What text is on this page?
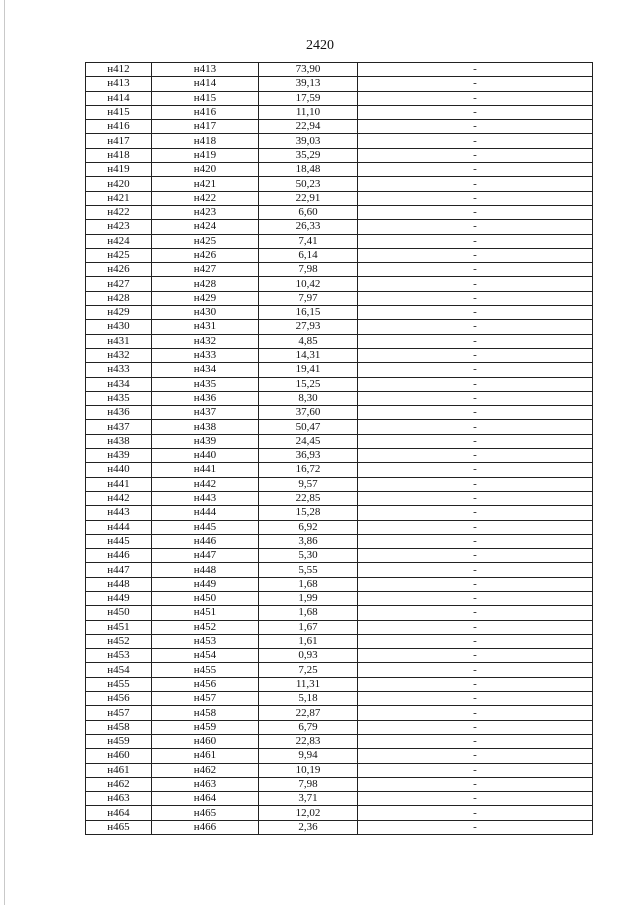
2420
н412	н413	73,90	-
н413	н414	39,13	-
н414	н415	17,59	-
н415	н416	11,10	-
н416	н417	22,94	-
н417	н418	39,03	-
н418	н419	35,29	-
н419	н420	18,48	-
н420	н421	50,23	-
н421	н422	22,91	-
н422	н423	6,60	-
н423	н424	26,33	-
н424	н425	7,41	-
н425	н426	6,14	-
н426	н427	7,98	-
н427	н428	10,42	-
н428	н429	7,97	-
н429	н430	16,15	-
н430	н431	27,93	-
н431	н432	4,85	-
н432	н433	14,31	-
н433	н434	19,41	-
н434	н435	15,25	-
н435	н436	8,30	-
н436	н437	37,60	-
н437	н438	50,47	-
н438	н439	24,45	-
н439	н440	36,93	-
н440	н441	16,72	-
н441	н442	9,57	-
н442	н443	22,85	-
н443	н444	15,28	-
н444	н445	6,92	-
н445	н446	3,86	-
н446	н447	5,30	-
н447	н448	5,55	-
н448	н449	1,68	-
н449	н450	1,99	-
н450	н451	1,68	-
н451	н452	1,67	-
н452	н453	1,61	-
н453	н454	0,93	-
н454	н455	7,25	-
н455	н456	11,31	-
н456	н457	5,18	-
н457	н458	22,87	-
н458	н459	6,79	-
н459	н460	22,83	-
н460	н461	9,94	-
н461	н462	10,19	-
н462	н463	7,98	-
н463	н464	3,71	-
н464	н465	12,02	-
н465	н466	2,36	-
